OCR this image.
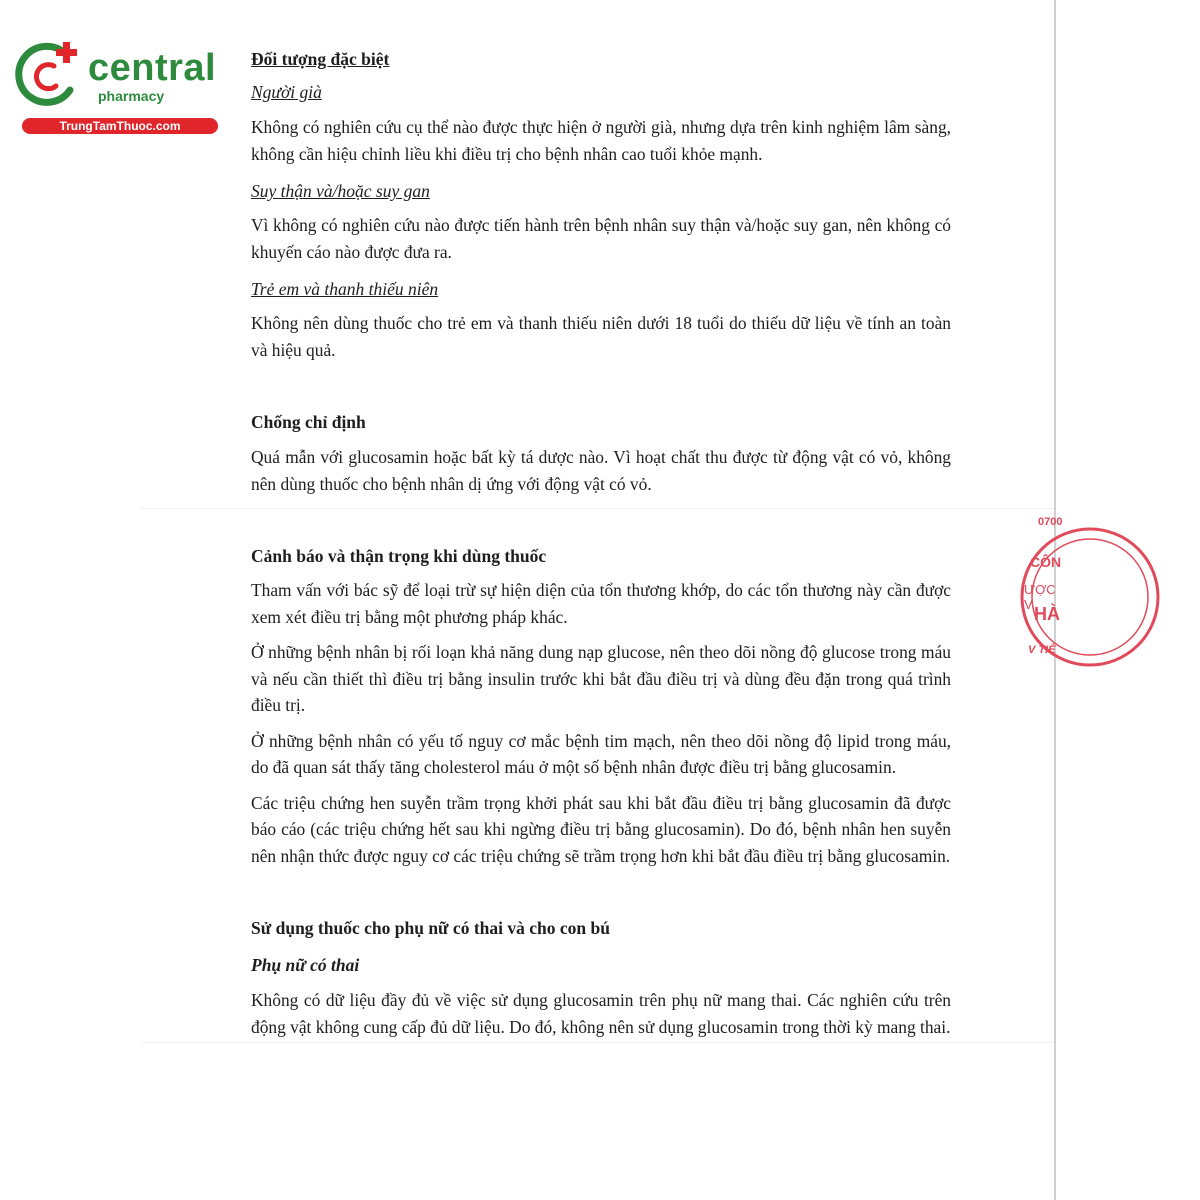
central
pharmacy
TrungTamThuoc.com
0700
CÔN
ƯỢC V HÀ
V TIẾ
Đối tượng đặc biệt
Người già

Không có nghiên cứu cụ thể nào được thực hiện ở người già, nhưng dựa trên kinh nghiệm lâm sàng, không cần hiệu chỉnh liều khi điều trị cho bệnh nhân cao tuổi khỏe mạnh.

Suy thận và/hoặc suy gan

Vì không có nghiên cứu nào được tiến hành trên bệnh nhân suy thận và/hoặc suy gan, nên không có khuyến cáo nào được đưa ra.

Trẻ em và thanh thiếu niên

Không nên dùng thuốc cho trẻ em và thanh thiếu niên dưới 18 tuổi do thiếu dữ liệu về tính an toàn và hiệu quả.

Chống chỉ định

Quá mẫn với glucosamin hoặc bất kỳ tá dược nào. Vì hoạt chất thu được từ động vật có vỏ, không nên dùng thuốc cho bệnh nhân dị ứng với động vật có vỏ.

Cảnh báo và thận trọng khi dùng thuốc

Tham vấn với bác sỹ để loại trừ sự hiện diện của tổn thương khớp, do các tổn thương này cần được xem xét điều trị bằng một phương pháp khác.

Ở những bệnh nhân bị rối loạn khả năng dung nạp glucose, nên theo dõi nồng độ glucose trong máu và nếu cần thiết thì điều trị bằng insulin trước khi bắt đầu điều trị và dùng đều đặn trong quá trình điều trị.

Ở những bệnh nhân có yếu tố nguy cơ mắc bệnh tim mạch, nên theo dõi nồng độ lipid trong máu, do đã quan sát thấy tăng cholesterol máu ở một số bệnh nhân được điều trị bằng glucosamin.

Các triệu chứng hen suyễn trầm trọng khởi phát sau khi bắt đầu điều trị bằng glucosamin đã được báo cáo (các triệu chứng hết sau khi ngừng điều trị bằng glucosamin). Do đó, bệnh nhân hen suyễn nên nhận thức được nguy cơ các triệu chứng sẽ trầm trọng hơn khi bắt đầu điều trị bằng glucosamin.

Sử dụng thuốc cho phụ nữ có thai và cho con bú
Phụ nữ có thai

Không có dữ liệu đầy đủ về việc sử dụng glucosamin trên phụ nữ mang thai. Các nghiên cứu trên động vật không cung cấp đủ dữ liệu. Do đó, không nên sử dụng glucosamin trong thời kỳ mang thai.
